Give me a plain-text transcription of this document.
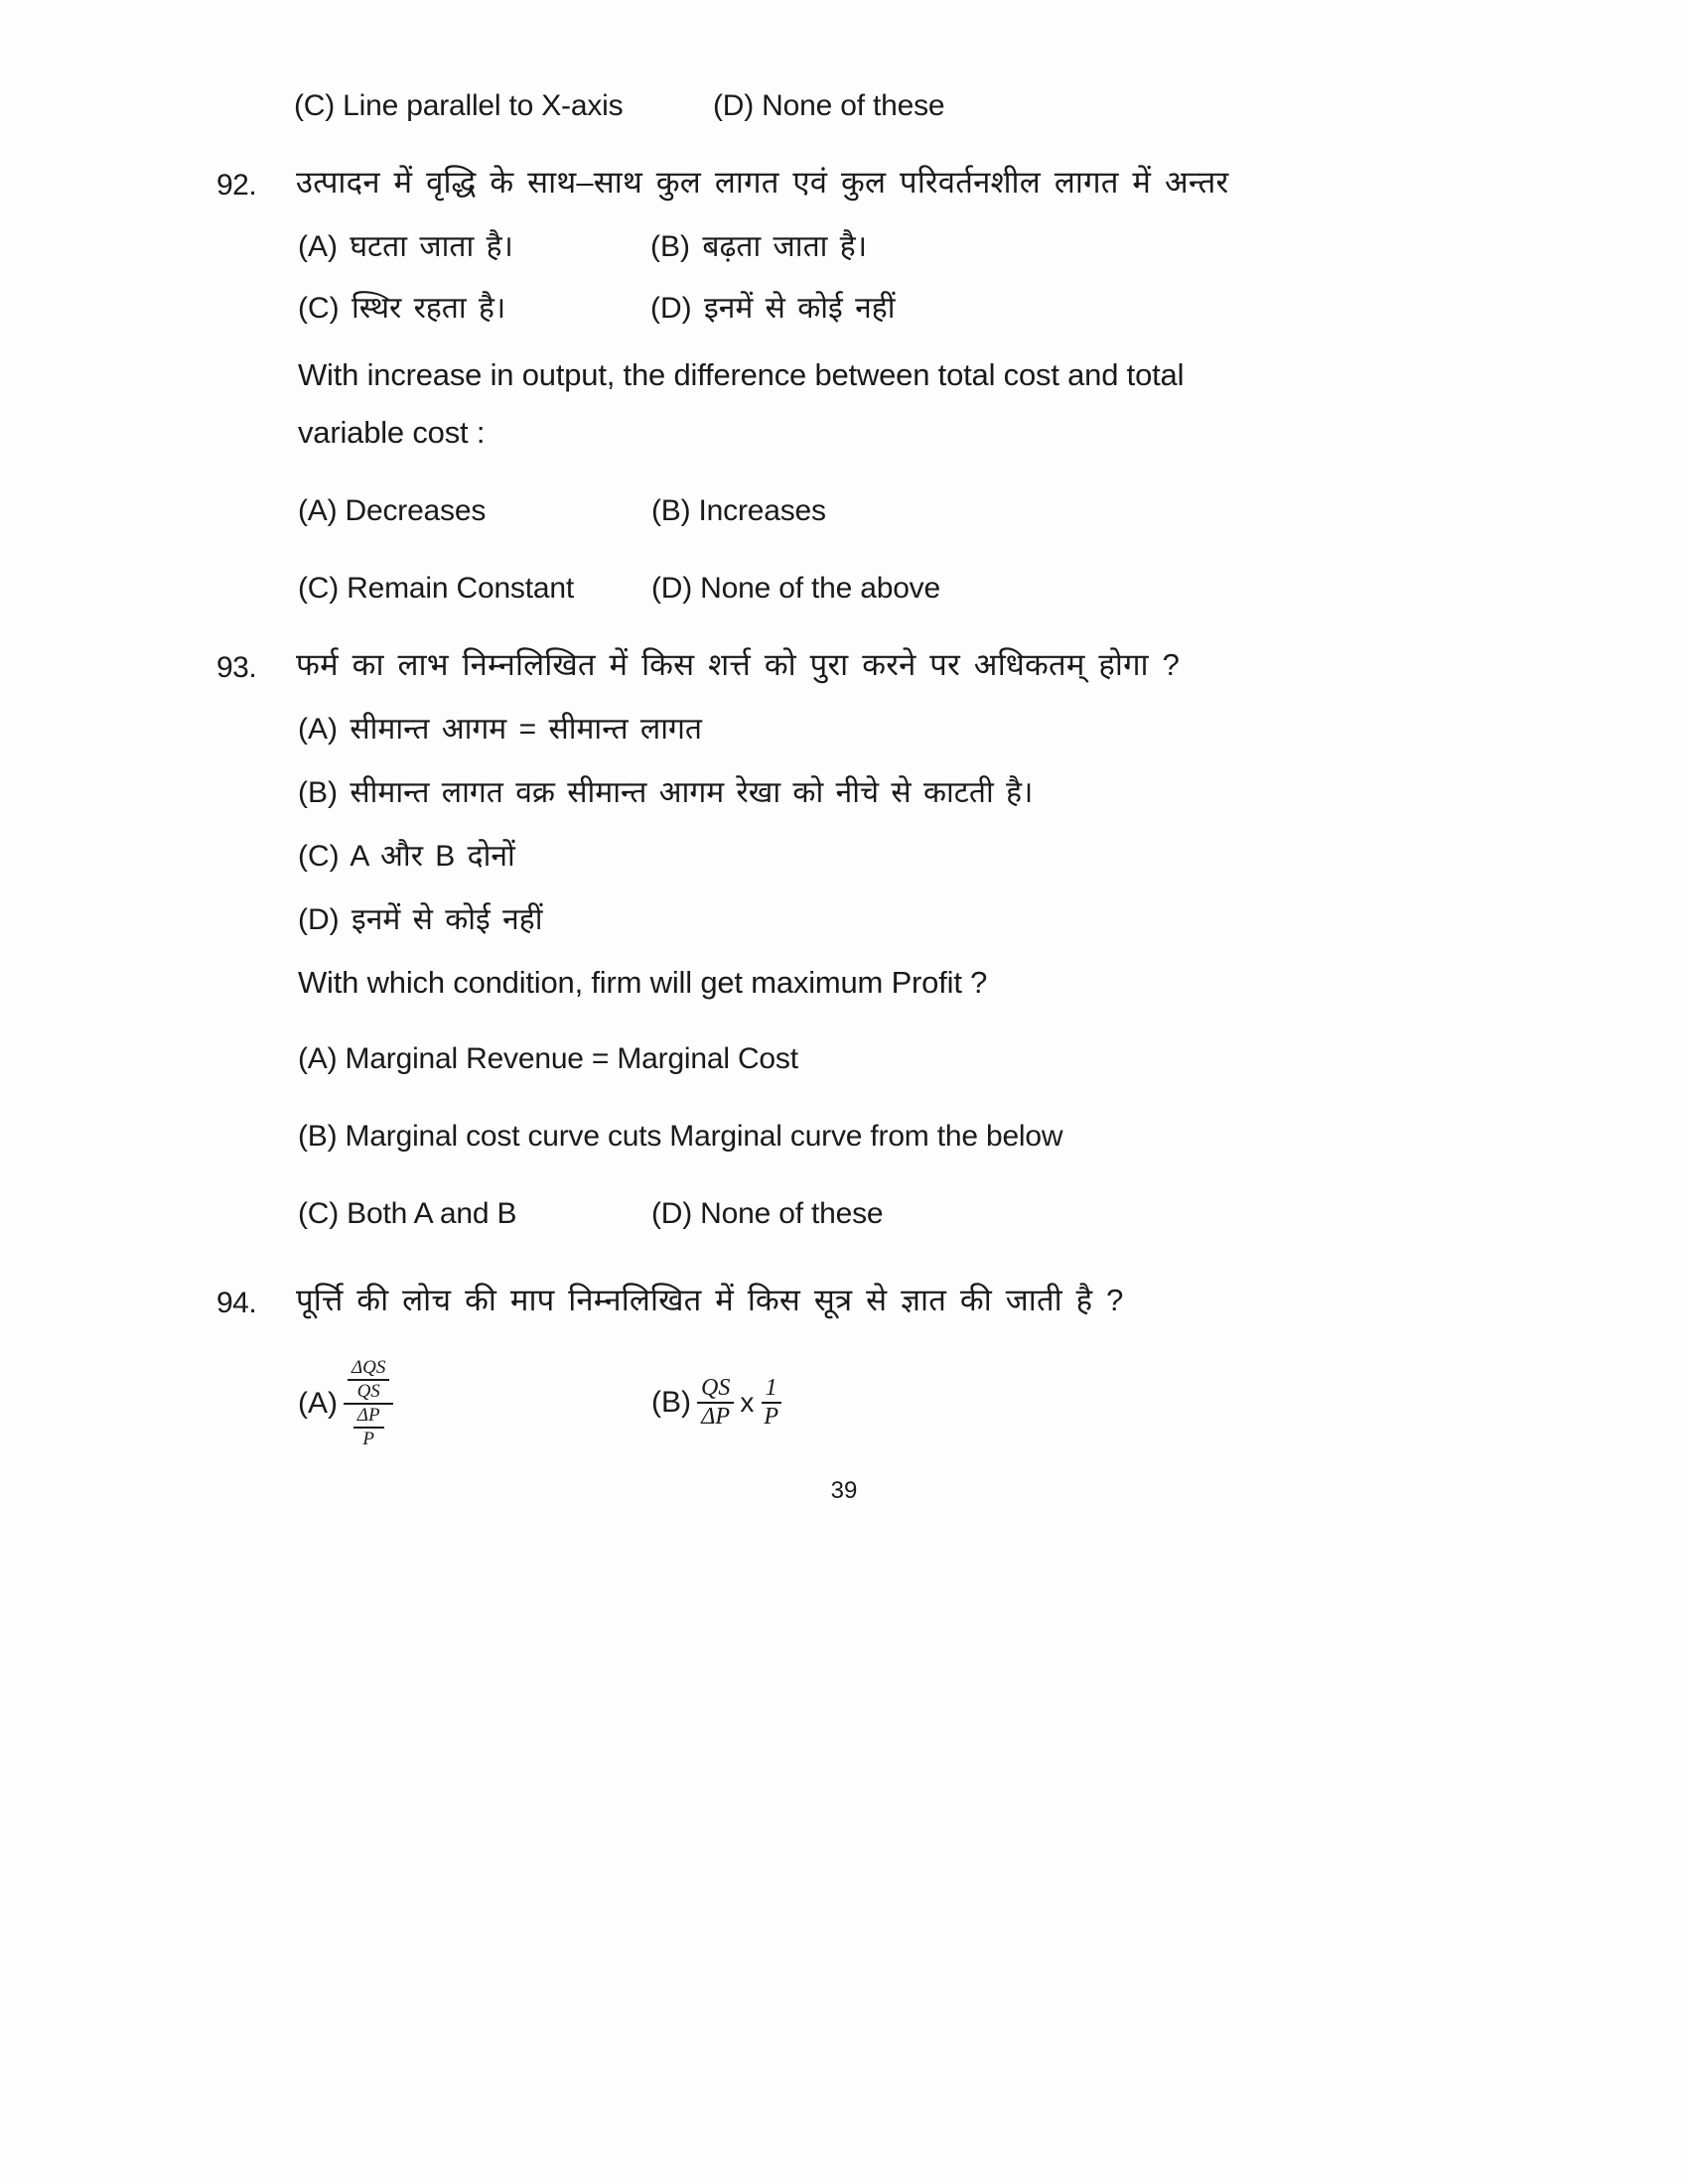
(C) Line parallel to X-axis	(D) None of these
92. उत्पादन में वृद्धि के साथ–साथ कुल लागत एवं कुल परिवर्तनशील लागत में अन्तर
(A) घटता जाता है।	(B) बढ़ता जाता है।
(C) स्थिर रहता है।	(D) इनमें से कोई नहीं
With increase in output, the difference between total cost and total
variable cost :
(A) Decreases	(B) Increases
(C) Remain Constant	(D) None of the above
93. फर्म का लाभ निम्नलिखित में किस शर्त्त को पुरा करने पर अधिकतम् होगा ?
(A) सीमान्त आगम = सीमान्त लागत
(B) सीमान्त लागत वक्र सीमान्त आगम रेखा को नीचे से काटती है।
(C) A और B दोनों
(D) इनमें से कोई नहीं
With which condition, firm will get maximum Profit ?
(A) Marginal Revenue = Marginal Cost
(B) Marginal cost curve cuts Marginal curve from the below
(C) Both A and B	(D) None of these
94. पूर्त्ति की लोच की माप निम्नलिखित में किस सूत्र से ज्ञात की जाती है ?
$(A) \frac{\frac{\text{ΔQS}}{QS}}{\frac{\Delta P}{P}}$	$(B) \frac{QS}{\Delta P}$ x $\frac{1}{P}$
39
